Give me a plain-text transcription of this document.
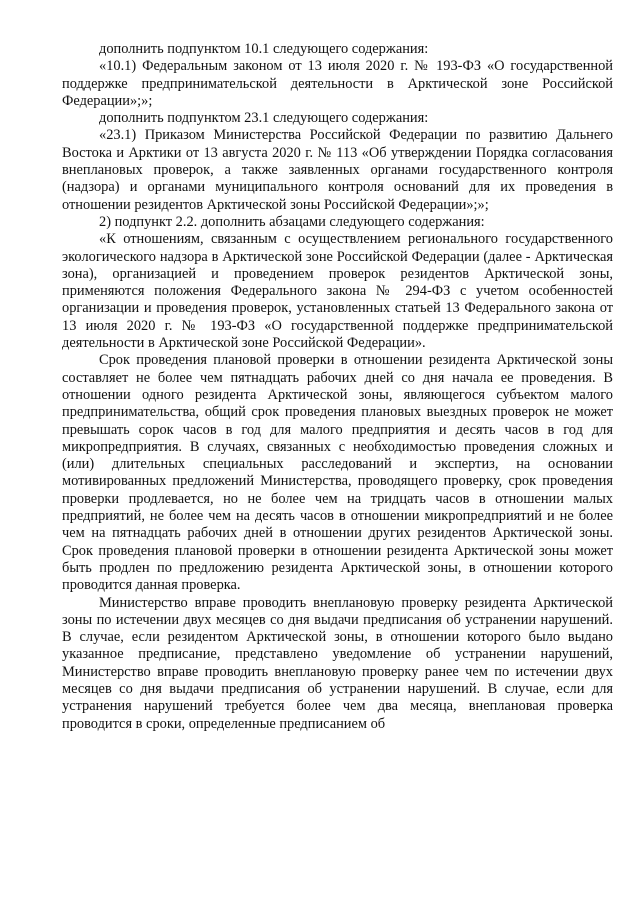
дополнить подпунктом 10.1 следующего содержания:

«10.1) Федеральным законом от 13 июля 2020 г. № 193-ФЗ «О государственной поддержке предпринимательской деятельности в Арктической зоне Российской Федерации»;»;

дополнить подпунктом 23.1 следующего содержания:

«23.1) Приказом Министерства Российской Федерации по развитию Дальнего Востока и Арктики от 13 августа 2020 г. № 113 «Об утверждении Порядка согласования внеплановых проверок, а также заявленных органами государственного контроля (надзора) и органами муниципального контроля оснований для их проведения в отношении резидентов Арктической зоны Российской Федерации»;»;

2) подпункт 2.2. дополнить абзацами следующего содержания:

«К отношениям, связанным с осуществлением регионального государственного экологического надзора в Арктической зоне Российской Федерации (далее - Арктическая зона), организацией и проведением проверок резидентов Арктической зоны, применяются положения Федерального закона № 294-ФЗ с учетом особенностей организации и проведения проверок, установленных статьей 13 Федерального закона от 13 июля 2020 г. № 193-ФЗ «О государственной поддержке предпринимательской деятельности в Арктической зоне Российской Федерации».

Срок проведения плановой проверки в отношении резидента Арктической зоны составляет не более чем пятнадцать рабочих дней со дня начала ее проведения. В отношении одного резидента Арктической зоны, являющегося субъектом малого предпринимательства, общий срок проведения плановых выездных проверок не может превышать сорок часов в год для малого предприятия и десять часов в год для микропредприятия. В случаях, связанных с необходимостью проведения сложных и (или) длительных специальных расследований и экспертиз, на основании мотивированных предложений Министерства, проводящего проверку, срок проведения проверки продлевается, но не более чем на тридцать часов в отношении малых предприятий, не более чем на десять часов в отношении микропредприятий и не более чем на пятнадцать рабочих дней в отношении других резидентов Арктической зоны. Срок проведения плановой проверки в отношении резидента Арктической зоны может быть продлен по предложению резидента Арктической зоны, в отношении которого проводится данная проверка.

Министерство вправе проводить внеплановую проверку резидента Арктической зоны по истечении двух месяцев со дня выдачи предписания об устранении нарушений. В случае, если резидентом Арктической зоны, в отношении которого было выдано указанное предписание, представлено уведомление об устранении нарушений, Министерство вправе проводить внеплановую проверку ранее чем по истечении двух месяцев со дня выдачи предписания об устранении нарушений. В случае, если для устранения нарушений требуется более чем два месяца, внеплановая проверка проводится в сроки, определенные предписанием об
